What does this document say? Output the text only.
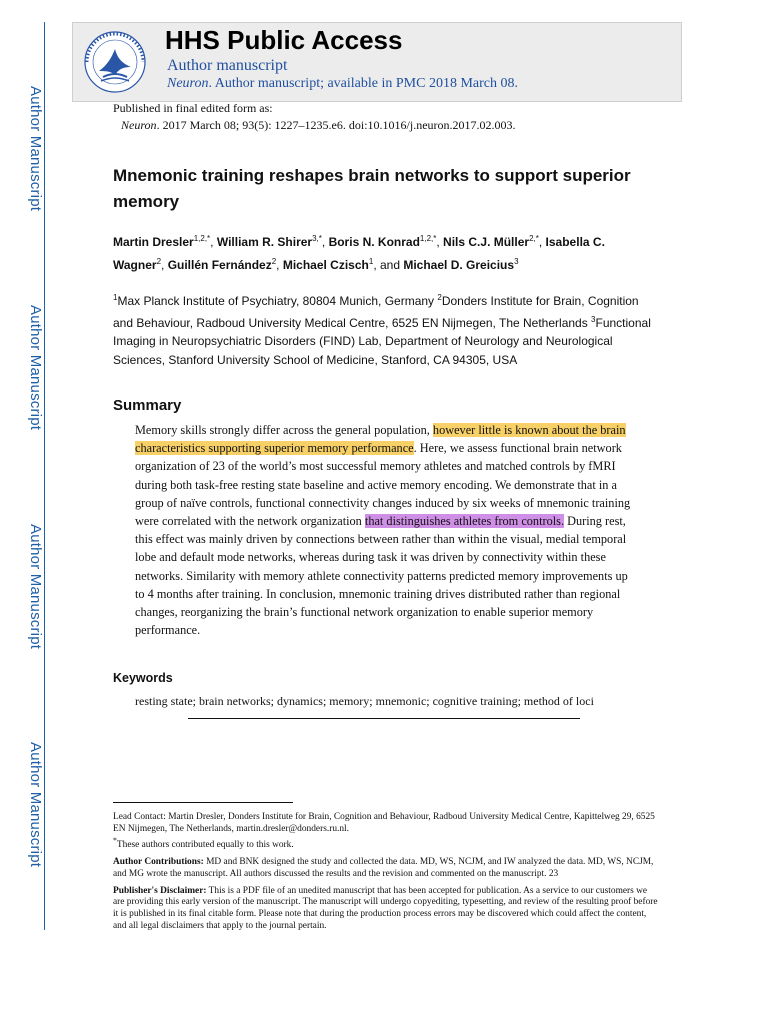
Author Manuscript
Author Manuscript
Author Manuscript
Author Manuscript
HHS Public Access
Author manuscript
Neuron. Author manuscript; available in PMC 2018 March 08.
Published in final edited form as:
Neuron. 2017 March 08; 93(5): 1227–1235.e6. doi:10.1016/j.neuron.2017.02.003.
Mnemonic training reshapes brain networks to support superior memory
Martin Dresler$^{1,2,*}$, William R. Shirer$^{3,*}$, Boris N. Konrad$^{1,2,*}$, Nils C.J. Müller$^{2,*}$, Isabella C. Wagner$^2$, Guillén Fernández$^2$, Michael Czisch$^1$, and Michael D. Greicius$^3$
$^1$Max Planck Institute of Psychiatry, 80804 Munich, Germany $^2$Donders Institute for Brain, Cognition and Behaviour, Radboud University Medical Centre, 6525 EN Nijmegen, The Netherlands $^3$Functional Imaging in Neuropsychiatric Disorders (FIND) Lab, Department of Neurology and Neurological Sciences, Stanford University School of Medicine, Stanford, CA 94305, USA
Summary
Memory skills strongly differ across the general population, however little is known about the brain characteristics supporting superior memory performance. Here, we assess functional brain network organization of 23 of the world’s most successful memory athletes and matched controls by fMRI during both task-free resting state baseline and active memory encoding. We demonstrate that in a group of naïve controls, functional connectivity changes induced by six weeks of mnemonic training were correlated with the network organization that distinguishes athletes from controls. During rest, this effect was mainly driven by connections between rather than within the visual, medial temporal lobe and default mode networks, whereas during task it was driven by connectivity within these networks. Similarity with memory athlete connectivity patterns predicted memory improvements up to 4 months after training. In conclusion, mnemonic training drives distributed rather than regional changes, reorganizing the brain’s functional network organization to enable superior memory performance.
Keywords
resting state; brain networks; dynamics; memory; mnemonic; cognitive training; method of loci

Lead Contact: Martin Dresler, Donders Institute for Brain, Cognition and Behaviour, Radboud University Medical Centre, Kapittelweg 29, 6525 EN Nijmegen, The Netherlands, martin.dresler@donders.ru.nl.

*These authors contributed equally to this work.

Author Contributions: MD and BNK designed the study and collected the data. MD, WS, NCJM, and IW analyzed the data. MD, WS, NCJM, and MG wrote the manuscript. All authors discussed the results and the revision and commented on the manuscript. 23

Publisher's Disclaimer: This is a PDF file of an unedited manuscript that has been accepted for publication. As a service to our customers we are providing this early version of the manuscript. The manuscript will undergo copyediting, typesetting, and review of the resulting proof before it is published in its final citable form. Please note that during the production process errors may be discovered which could affect the content, and all legal disclaimers that apply to the journal pertain.
